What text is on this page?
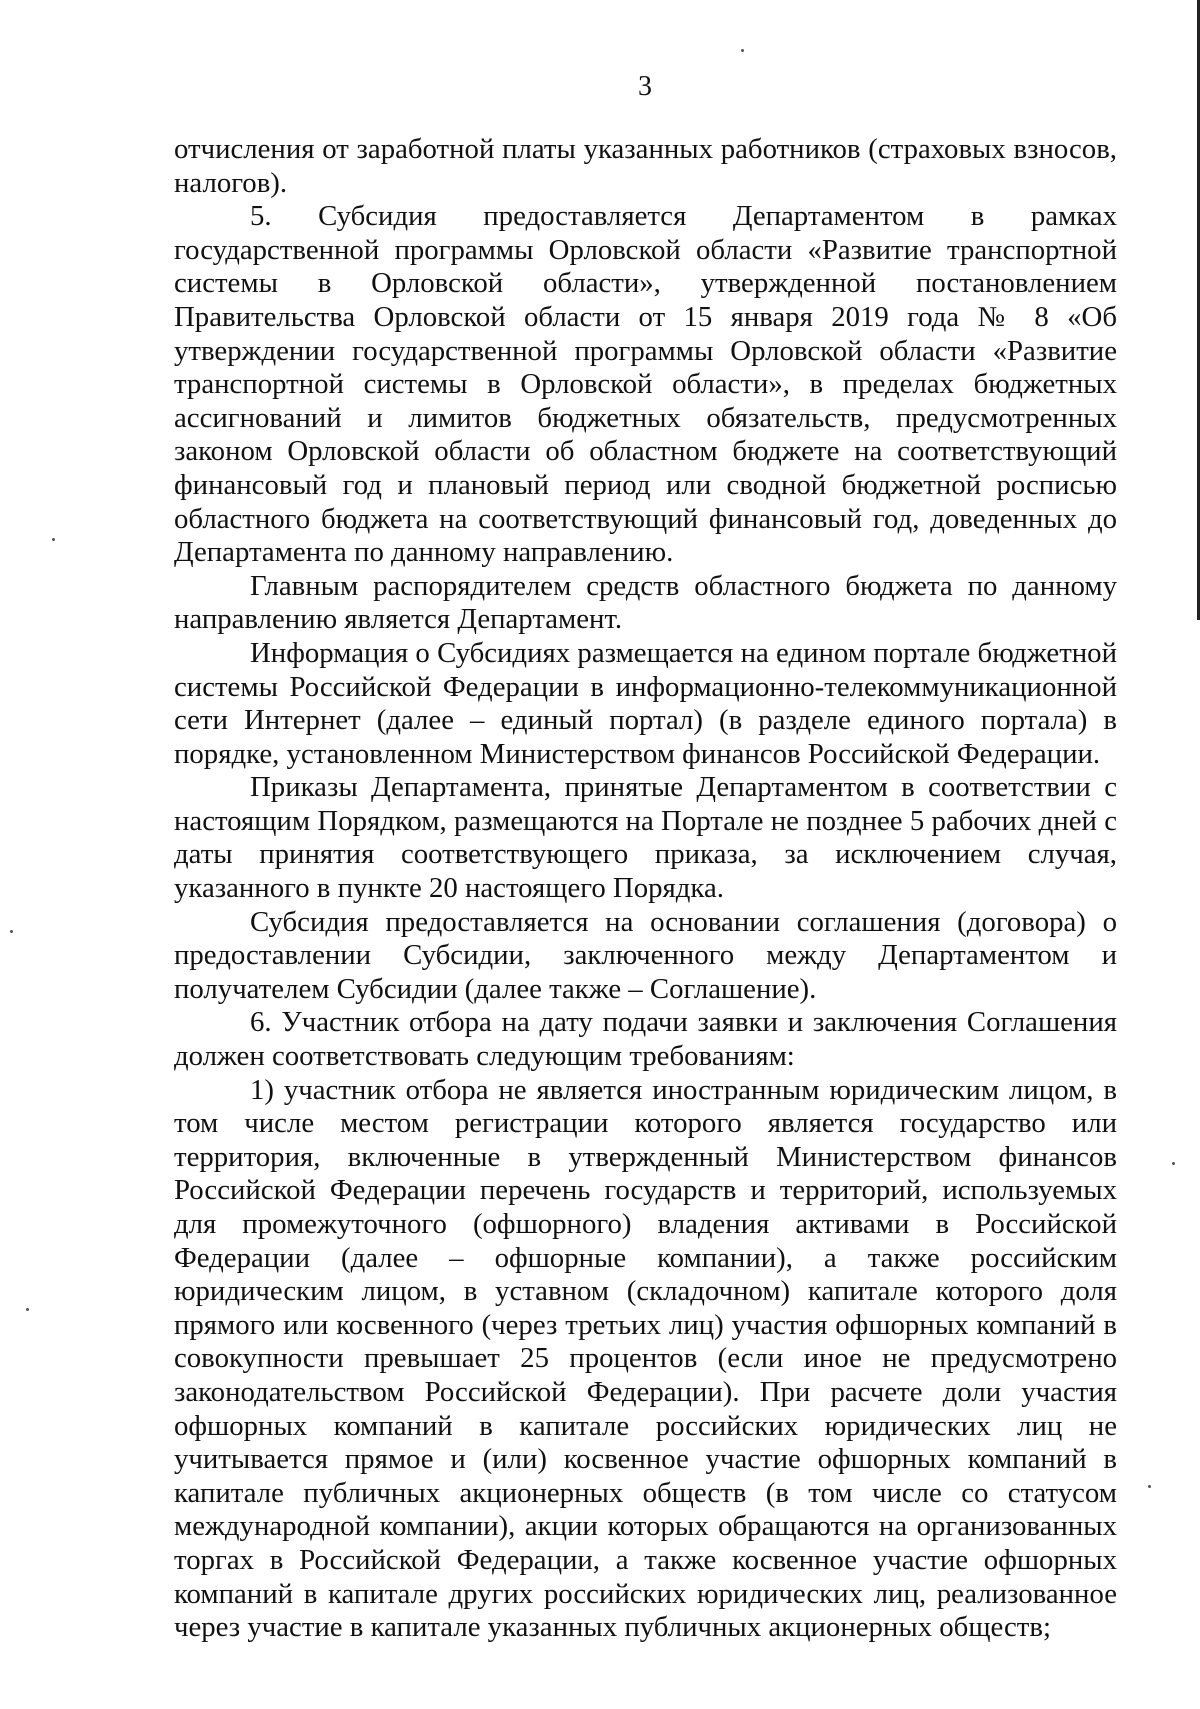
3

отчисления от заработной платы указанных работников (страховых взносов, налогов).

5. Субсидия предоставляется Департаментом в рамках государственной программы Орловской области «Развитие транспортной системы в Орловской области», утвержденной постановлением Правительства Орловской области от 15 января 2019 года № 8 «Об утверждении государственной программы Орловской области «Развитие транспортной системы в Орловской области», в пределах бюджетных ассигнований и лимитов бюджетных обязательств, предусмотренных законом Орловской области об областном бюджете на соответствующий финансовый год и плановый период или сводной бюджетной росписью областного бюджета на соответствующий финансовый год, доведенных до Департамента по данному направлению.

Главным распорядителем средств областного бюджета по данному направлению является Департамент.

Информация о Субсидиях размещается на едином портале бюджетной системы Российской Федерации в информационно-телекоммуникационной сети Интернет (далее – единый портал) (в разделе единого портала) в порядке, установленном Министерством финансов Российской Федерации.

Приказы Департамента, принятые Департаментом в соответствии с настоящим Порядком, размещаются на Портале не позднее 5 рабочих дней с даты принятия соответствующего приказа, за исключением случая, указанного в пункте 20 настоящего Порядка.

Субсидия предоставляется на основании соглашения (договора) о предоставлении Субсидии, заключенного между Департаментом и получателем Субсидии (далее также – Соглашение).

6. Участник отбора на дату подачи заявки и заключения Соглашения должен соответствовать следующим требованиям:

1) участник отбора не является иностранным юридическим лицом, в том числе местом регистрации которого является государство или территория, включенные в утвержденный Министерством финансов Российской Федерации перечень государств и территорий, используемых для промежуточного (офшорного) владения активами в Российской Федерации (далее – офшорные компании), а также российским юридическим лицом, в уставном (складочном) капитале которого доля прямого или косвенного (через третьих лиц) участия офшорных компаний в совокупности превышает 25 процентов (если иное не предусмотрено законодательством Российской Федерации). При расчете доли участия офшорных компаний в капитале российских юридических лиц не учитывается прямое и (или) косвенное участие офшорных компаний в капитале публичных акционерных обществ (в том числе со статусом международной компании), акции которых обращаются на организованных торгах в Российской Федерации, а также косвенное участие офшорных компаний в капитале других российских юридических лиц, реализованное через участие в капитале указанных публичных акционерных обществ;
